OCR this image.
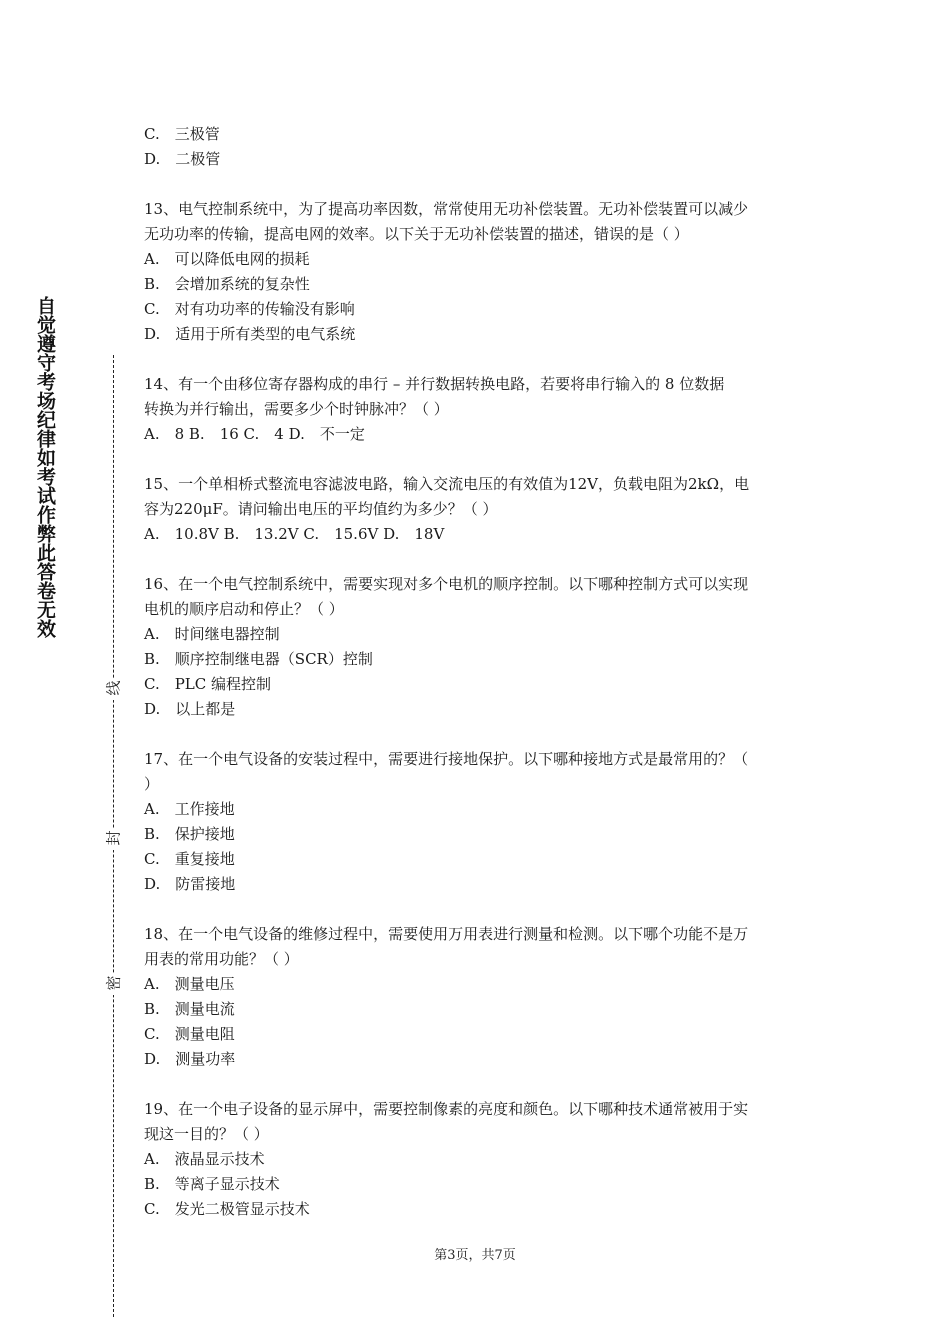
自觉遵守考场纪律如考试作弊此答卷无效
线
封
密
C.　三极管
D.　二极管
13、电气控制系统中，为了提高功率因数，常常使用无功补偿装置。无功补偿装置可以减少
无功功率的传输，提高电网的效率。以下关于无功补偿装置的描述，错误的是（ ）
A.　可以降低电网的损耗
B.　会增加系统的复杂性
C.　对有功功率的传输没有影响
D.　适用于所有类型的电气系统
14、有一个由移位寄存器构成的串行 – 并行数据转换电路，若要将串行输入的 8 位数据
转换为并行输出，需要多少个时钟脉冲？（ ）
A.　8 B.　16 C.　4 D.　不一定
15、一个单相桥式整流电容滤波电路，输入交流电压的有效值为12V，负载电阻为2kΩ，电
容为220μF。请问输出电压的平均值约为多少？（ ）
A.　10.8V B.　13.2V C.　15.6V D.　18V
16、在一个电气控制系统中，需要实现对多个电机的顺序控制。以下哪种控制方式可以实现
电机的顺序启动和停止？（ ）
A.　时间继电器控制
B.　顺序控制继电器（SCR）控制
C.　PLC 编程控制
D.　以上都是
17、在一个电气设备的安装过程中，需要进行接地保护。以下哪种接地方式是最常用的？（
）
A.　工作接地
B.　保护接地
C.　重复接地
D.　防雷接地
18、在一个电气设备的维修过程中，需要使用万用表进行测量和检测。以下哪个功能不是万
用表的常用功能？（ ）
A.　测量电压
B.　测量电流
C.　测量电阻
D.　测量功率
19、在一个电子设备的显示屏中，需要控制像素的亮度和颜色。以下哪种技术通常被用于实
现这一目的？（ ）
A.　液晶显示技术
B.　等离子显示技术
C.　发光二极管显示技术
第3页，共7页
